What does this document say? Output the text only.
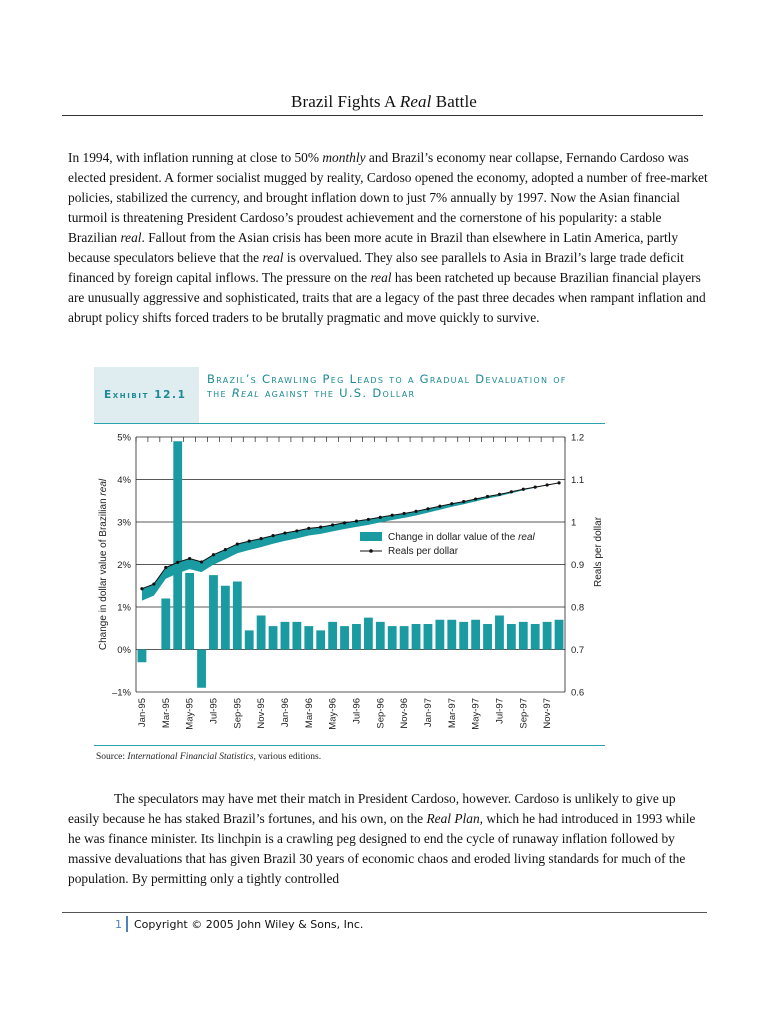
Brazil Fights A Real Battle

In 1994, with inflation running at close to 50% monthly and Brazil’s economy near collapse, Fernando Cardoso was elected president. A former socialist mugged by reality, Cardoso opened the economy, adopted a number of free-market policies, stabilized the currency, and brought inflation down to just 7% annually by 1997. Now the Asian financial turmoil is threatening President Cardoso’s proudest achievement and the cornerstone of his popularity: a stable Brazilian real. Fallout from the Asian crisis has been more acute in Brazil than elsewhere in Latin America, partly because speculators believe that the real is overvalued. They also see parallels to Asia in Brazil’s large trade deficit financed by foreign capital inflows. The pressure on the real has been ratcheted up because Brazilian financial players are unusually aggressive and sophisticated, traits that are a legacy of the past three decades when rampant inflation and abrupt policy shifts forced traders to be brutally pragmatic and move quickly to survive.

Exhibit 12.1
Brazil’s Crawling Peg Leads to a Gradual Devaluation of the Real against the U.S. Dollar
–1%
0%
1%
2%
3%
4%
5%
0.6
0.7
0.8
0.9
1
1.1
1.2
Jan-95 Mar-95 May-95 Jul-95 Sep-95 Nov-95 Jan-96 Mar-96 May-96 Jul-96 Sep-96 Nov-96 Jan-97 Mar-97 May-97 Jul-97 Sep-97 Nov-97
Change in dollar value of Brazilian real
Reals per dollar
Change in dollar value of the real
Reals per dollar
Source: International Financial Statistics, various editions.

The speculators may have met their match in President Cardoso, however. Cardoso is unlikely to give up easily because he has staked Brazil’s fortunes, and his own, on the Real Plan, which he had introduced in 1993 while he was finance minister. Its linchpin is a crawling peg designed to end the cycle of runaway inflation followed by massive devaluations that has given Brazil 30 years of economic chaos and eroded living standards for much of the population. By permitting only a tightly controlled

1 Copyright © 2005 John Wiley & Sons, Inc.
